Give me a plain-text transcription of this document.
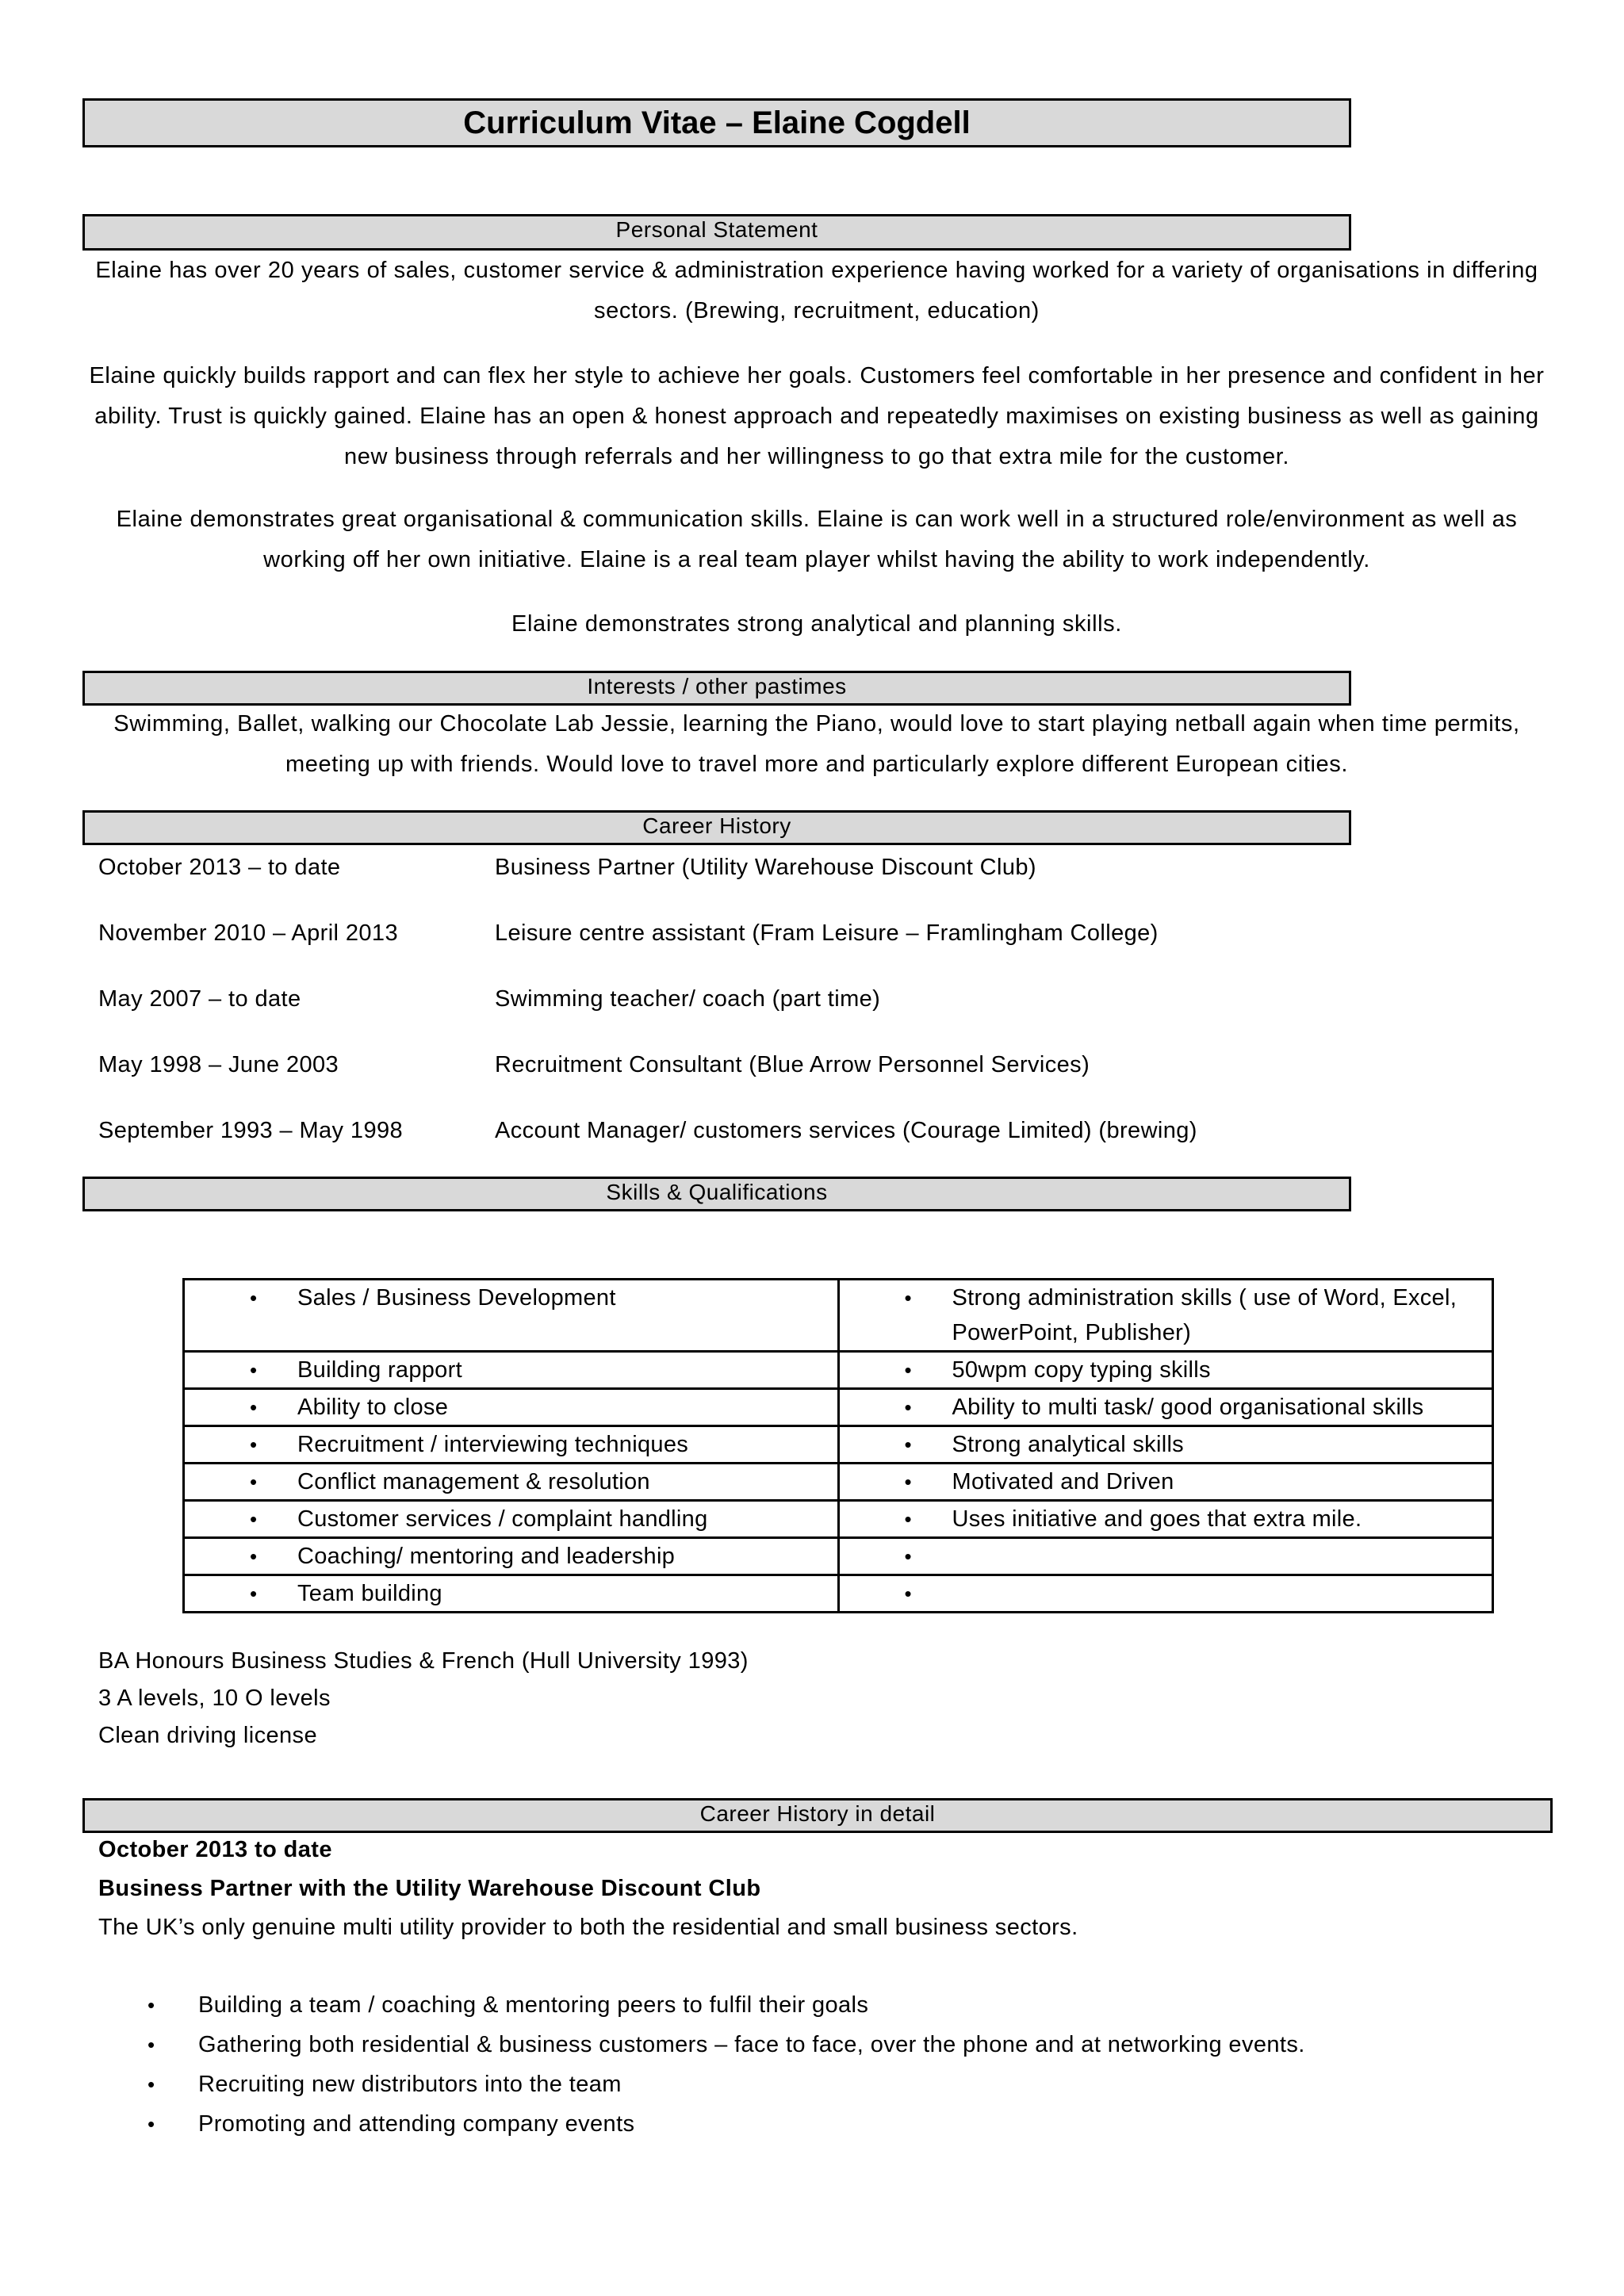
Curriculum Vitae – Elaine Cogdell
Personal Statement
Elaine has over 20 years of sales, customer service & administration experience having worked for a variety of organisations in differing sectors. (Brewing, recruitment, education)
Elaine quickly builds rapport and can flex her style to achieve her goals. Customers feel comfortable in her presence and confident in her ability. Trust is quickly gained. Elaine has an open & honest approach and repeatedly maximises on existing business as well as gaining new business through referrals and her willingness to go that extra mile for the customer.
Elaine demonstrates great organisational & communication skills. Elaine is can work well in a structured role/environment as well as working off her own initiative. Elaine is a real team player whilst having the ability to work independently.
Elaine demonstrates strong analytical and planning skills.
Interests / other pastimes
Swimming, Ballet, walking our Chocolate Lab Jessie, learning the Piano, would love to start playing netball again when time permits, meeting up with friends. Would love to travel more and particularly explore different European cities.
Career History
October 2013 – to date	Business Partner (Utility Warehouse Discount Club)
November 2010 – April 2013	Leisure centre assistant (Fram Leisure – Framlingham College)
May 2007 – to date	Swimming teacher/ coach (part time)
May 1998 – June 2003	Recruitment Consultant (Blue Arrow Personnel Services)
September 1993 – May 1998	Account Manager/ customers services (Courage Limited) (brewing)
Skills & Qualifications
• Sales / Business Development	• Strong administration skills ( use of Word, Excel, PowerPoint, Publisher)

• Building rapport	• 50wpm copy typing skills

• Ability to close	• Ability to multi task/ good organisational skills

• Recruitment / interviewing techniques	• Strong analytical skills

• Conflict management & resolution	• Motivated and Driven

• Customer services / complaint handling	• Uses initiative and goes that extra mile.

• Coaching/ mentoring and leadership	•

• Team building	•
BA Honours Business Studies & French (Hull University 1993)
3 A levels, 10 O levels
Clean driving license
Career History in detail
October 2013 to date
Business Partner with the Utility Warehouse Discount Club
The UK’s only genuine multi utility provider to both the residential and small business sectors.
• Building a team / coaching & mentoring peers to fulfil their goals
• Gathering both residential & business customers – face to face, over the phone and at networking events.
• Recruiting new distributors into the team
• Promoting and attending company events
